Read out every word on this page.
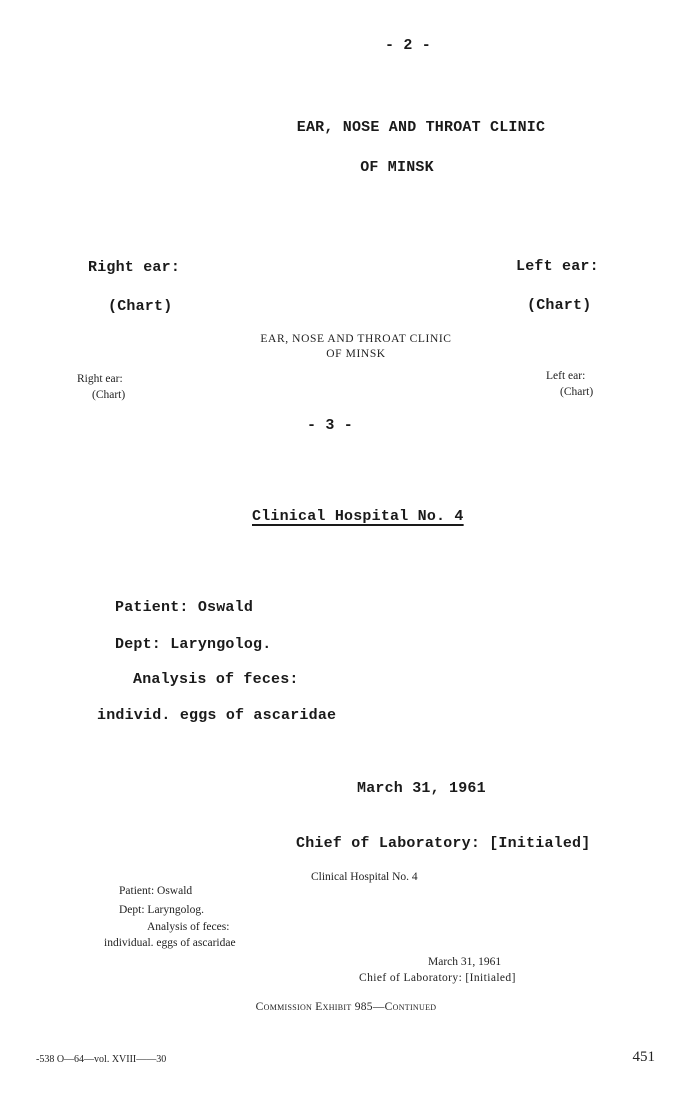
- 2 -
EAR, NOSE AND THROAT CLINIC
OF MINSK
Right ear:
(Chart)
Left ear:
(Chart)
EAR, NOSE AND THROAT CLINIC
OF MINSK
Right ear:
(Chart)
Left ear:
(Chart)
- 3 -
Clinical Hospital No. 4
Patient: Oswald
Dept: Laryngolog.
Analysis of feces:
individ. eggs of ascaridae
March 31, 1961
Chief of Laboratory: [Initialed]
Clinical Hospital No. 4
Patient: Oswald
Dept: Laryngolog.
Analysis of feces:
individual. eggs of ascaridae
March 31, 1961
Chief of Laboratory: [Initialed]
Commission Exhibit 985—Continued
-538 O—64—vol. XVIII——30	451
